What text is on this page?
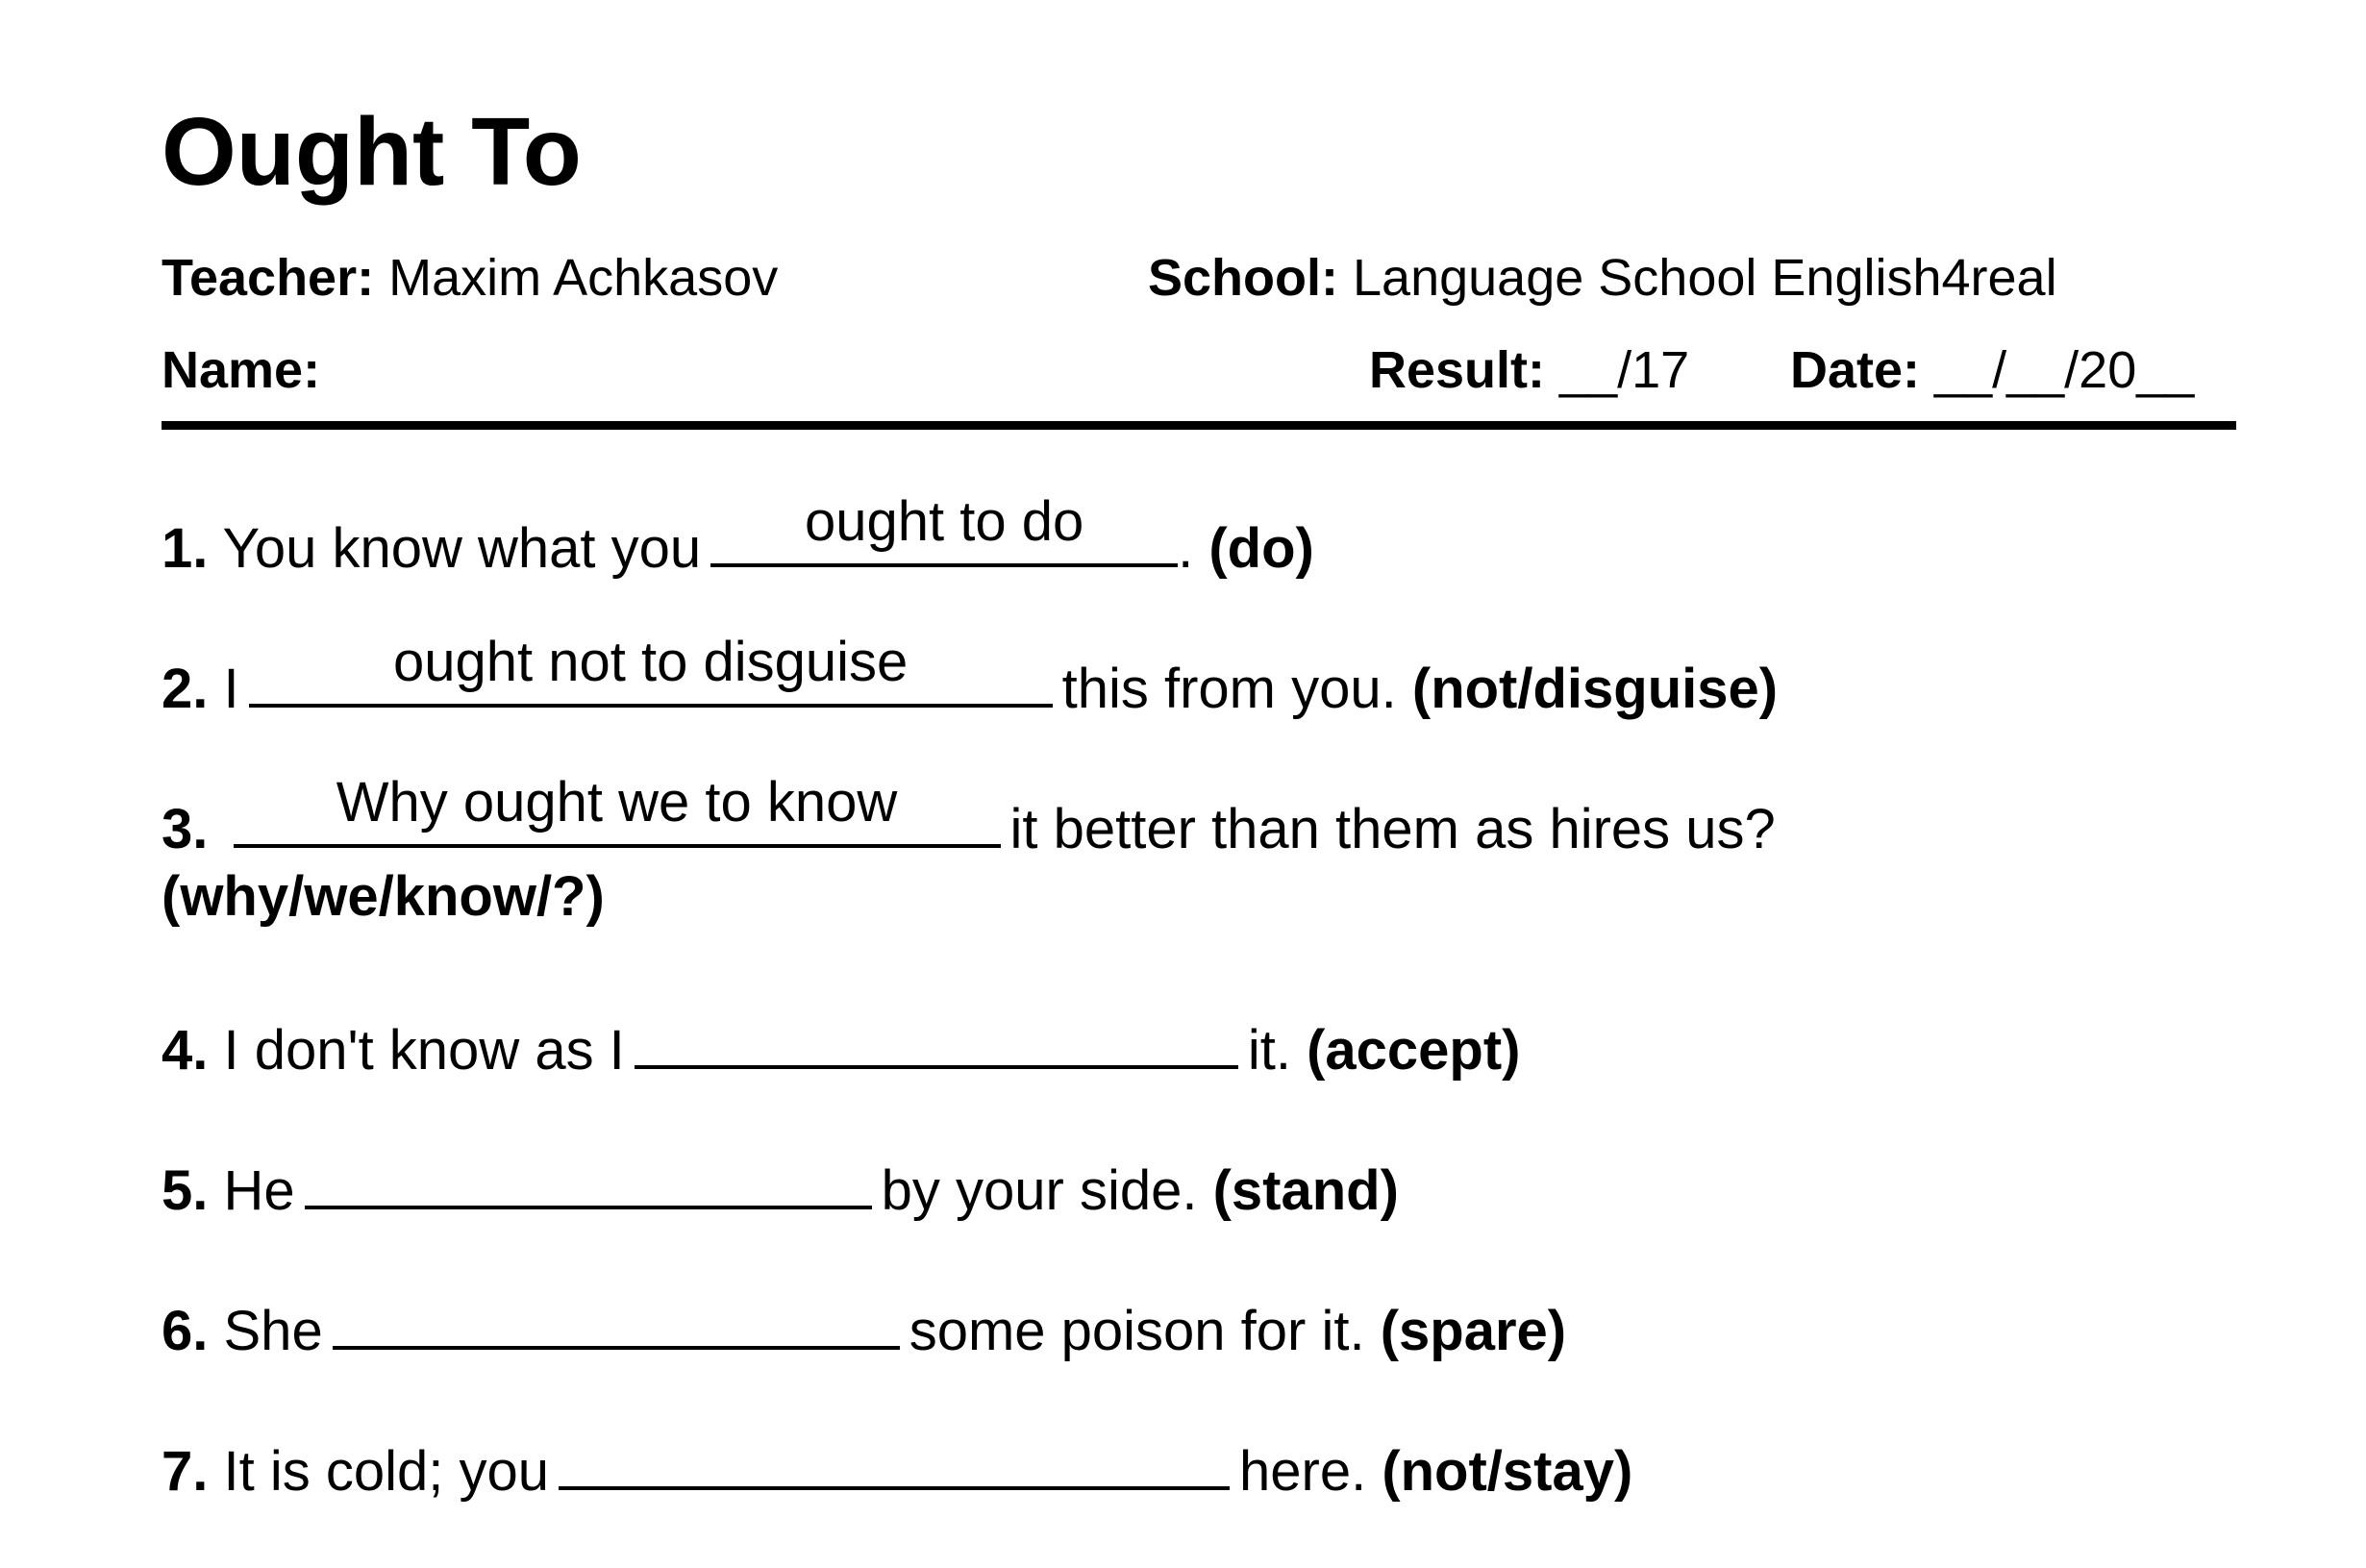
Ought To
Teacher: Maxim Achkasov	School: Language School English4real
Name:	Result: __/17 Date: __/__/20__
1. You know what you	ought to do	. (do)
2. I	ought not to disguise	this from you. (not/disguise)
3.	Why ought we to know	it better than them as hires us?
(why/we/know/?)
4. I don't know as I	it. (accept)
5. He	by your side. (stand)
6. She	some poison for it. (spare)
7. It is cold; you	here. (not/stay)
